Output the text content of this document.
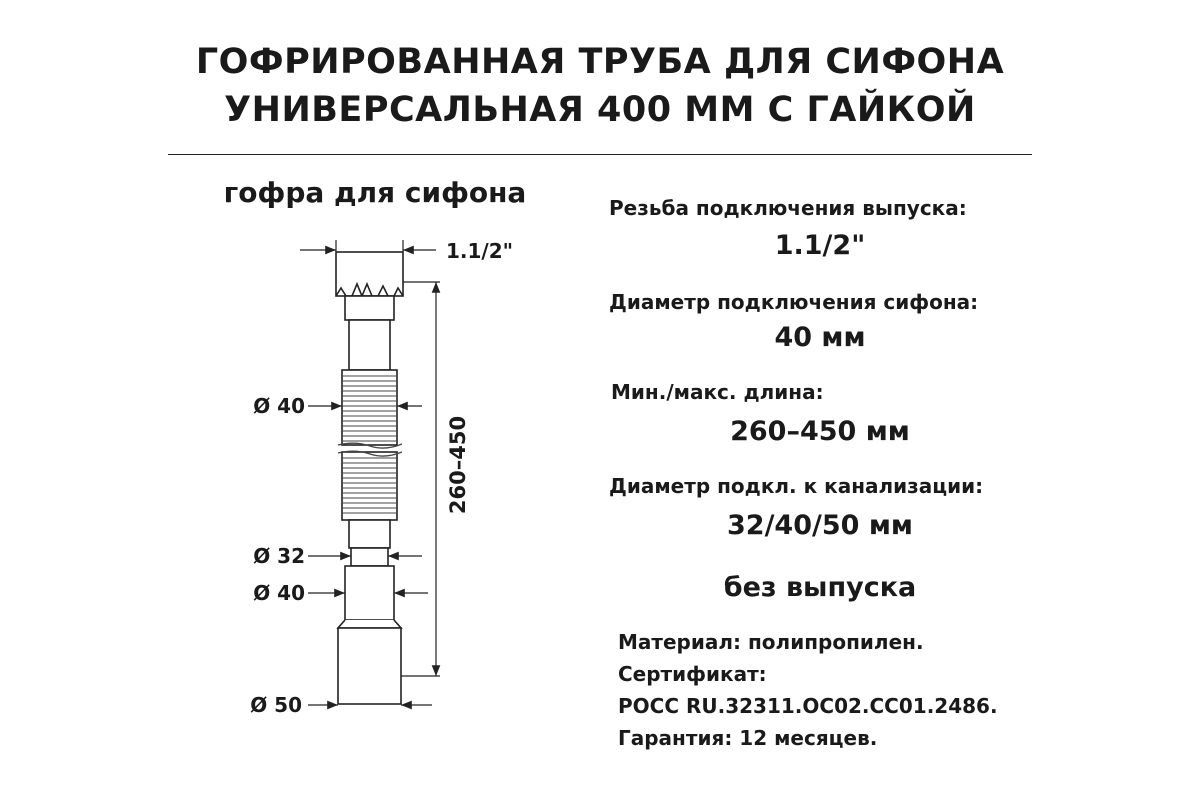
ГОФРИРОВАННАЯ ТРУБА ДЛЯ СИФОНА
УНИВЕРСАЛЬНАЯ 400 ММ С ГАЙКОЙ
гофра для сифона
1.1/2"
260–450
Ø 40
Ø 32
Ø 40
Ø 50
Резьба подключения выпуска:
1.1/2"
Диаметр подключения сифона:
40 мм
Мин./макс. длина:
260–450 мм
Диаметр подкл. к канализации:
32/40/50 мм
без выпуска
Материал: полипропилен.
Сертификат:
РОСС RU.32311.ОС02.СС01.2486.
Гарантия: 12 месяцев.
